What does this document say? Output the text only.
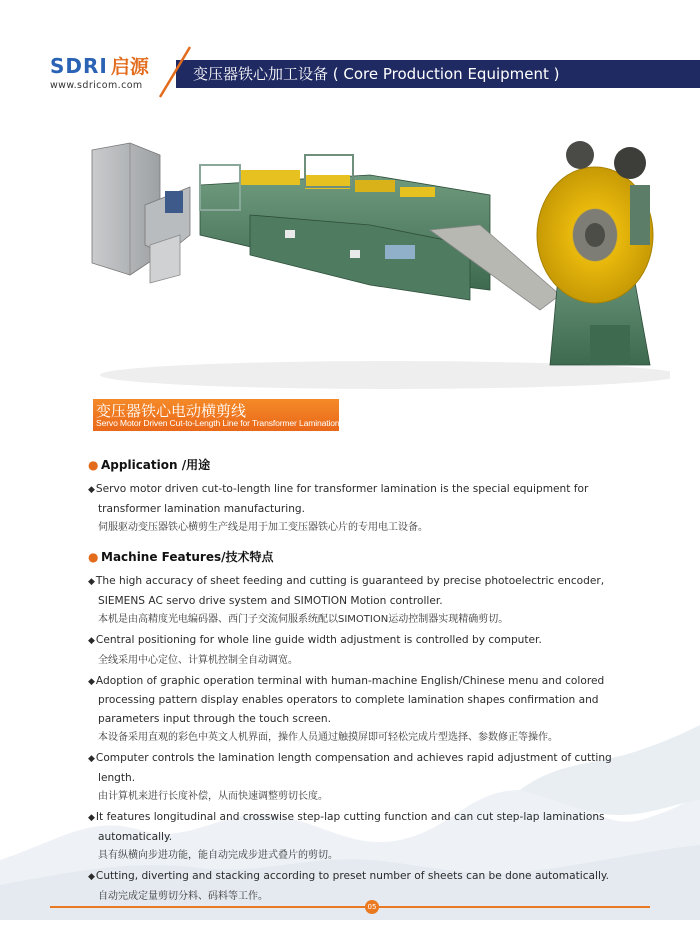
SDRI 启源
www.sdricom.com
变压器铁心加工设备 ( Core Production Equipment )
变压器铁心电动横剪线
Servo Motor Driven Cut-to-Length Line for Transformer Lamination
● Application /用途
◆Servo motor driven cut-to-length line for transformer lamination is the special equipment for
transformer lamination manufacturing.
伺服驱动变压器铁心横剪生产线是用于加工变压器铁心片的专用电工设备。
● Machine Features/技术特点
◆The high accuracy of sheet feeding and cutting is guaranteed by precise photoelectric encoder,
SIEMENS AC servo drive system and SIMOTION Motion controller.
本机是由高精度光电编码器、西门子交流伺服系统配以SIMOTION运动控制器实现精确剪切。
◆Central positioning for whole line guide width adjustment is controlled by computer.
全线采用中心定位、计算机控制全自动调宽。
◆Adoption of graphic operation terminal with human-machine English/Chinese menu and colored
processing pattern display enables operators to complete lamination shapes confirmation and
parameters input through the touch screen.
本设备采用直观的彩色中英文人机界面，操作人员通过触摸屏即可轻松完成片型选择、参数修正等操作。
◆Computer controls the lamination length compensation and achieves rapid adjustment of cutting
length.
由计算机来进行长度补偿，从而快速调整剪切长度。
◆It features longitudinal and crosswise step-lap cutting function and can cut step-lap laminations
automatically.
具有纵横向步进功能，能自动完成步进式叠片的剪切。
◆Cutting, diverting and stacking according to preset number of sheets can be done automatically.
自动完成定量剪切分料、码料等工作。
05
